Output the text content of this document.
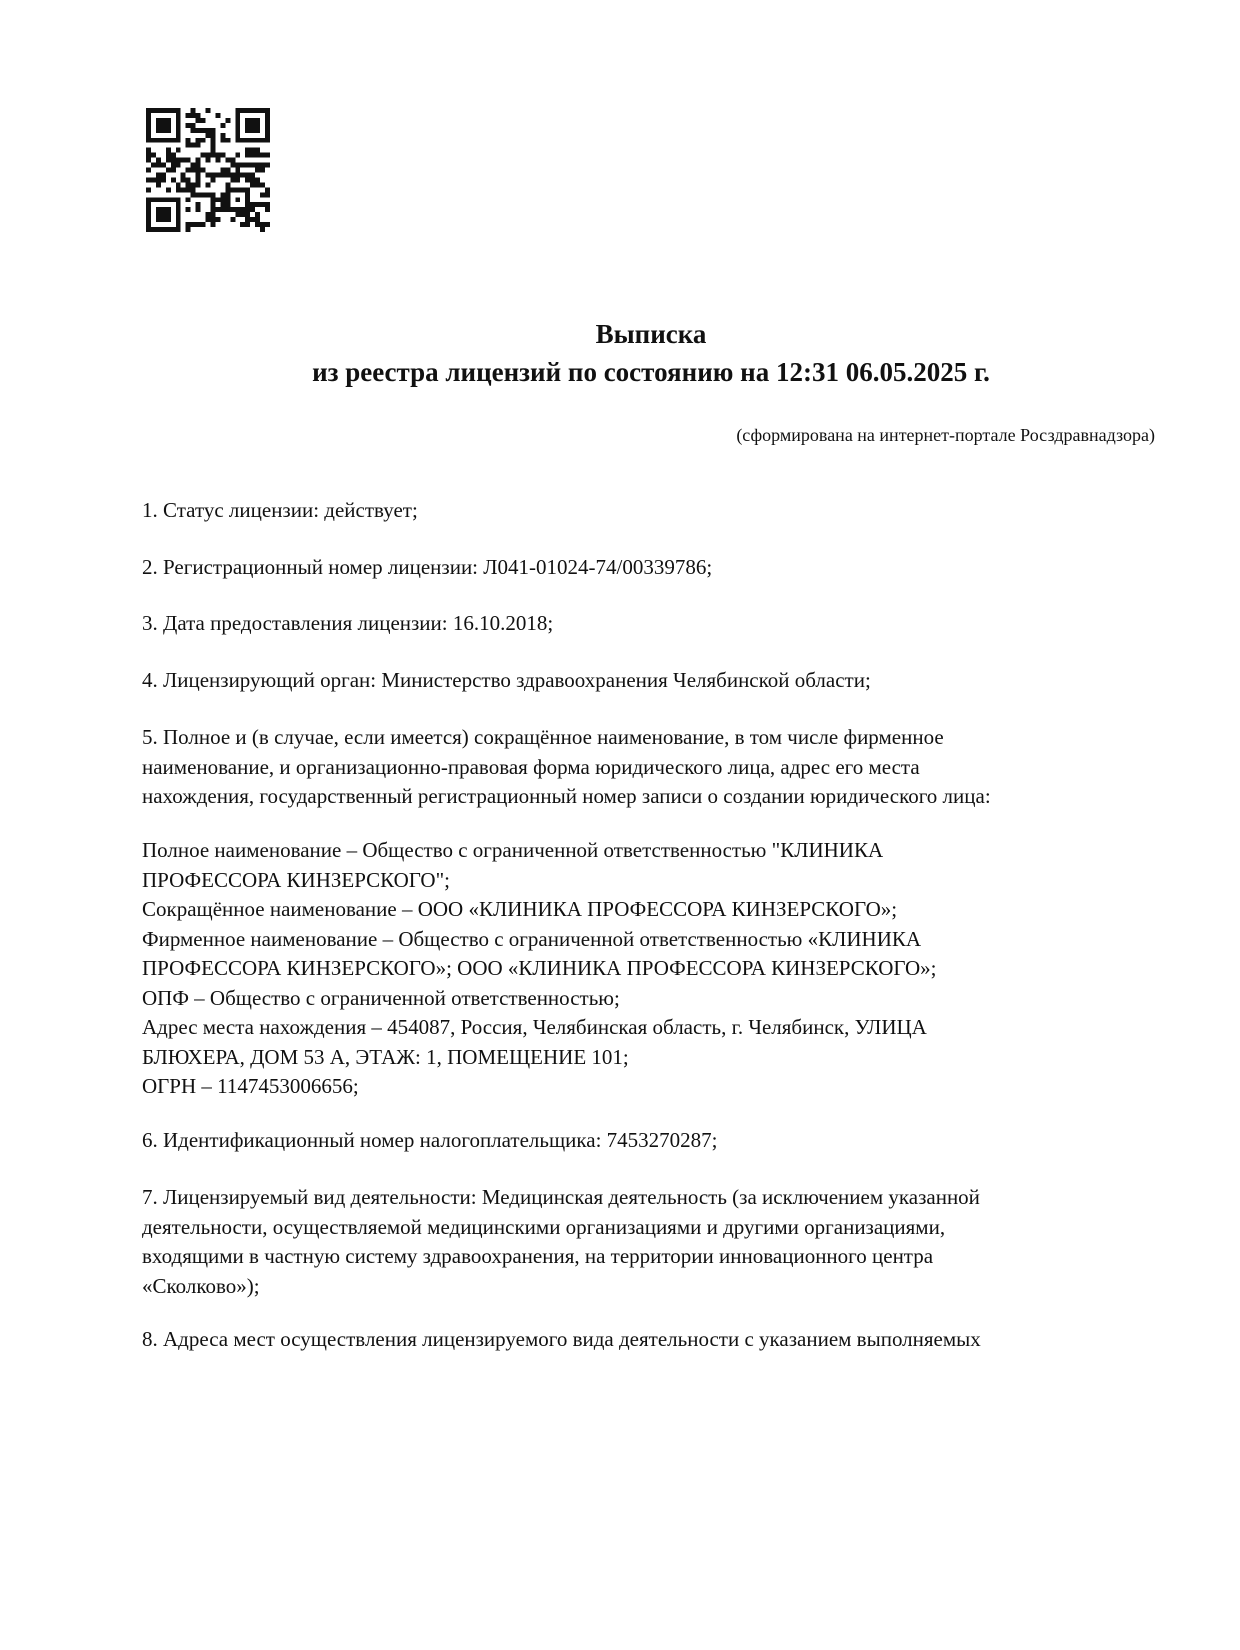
Выписка
из реестра лицензий по состоянию на 12:31 06.05.2025 г.
(сформирована на интернет-портале Росздравнадзора)

1. Статус лицензии: действует;

2. Регистрационный номер лицензии: Л041-01024-74/00339786;

3. Дата предоставления лицензии: 16.10.2018;

4. Лицензирующий орган: Министерство здравоохранения Челябинской области;

5. Полное и (в случае, если имеется) сокращённое наименование, в том числе фирменное
наименование, и организационно-правовая форма юридического лица, адрес его места
нахождения, государственный регистрационный номер записи о создании юридического лица:
Полное наименование – Общество с ограниченной ответственностью "КЛИНИКА
ПРОФЕССОРА КИНЗЕРСКОГО";
Сокращённое наименование – ООО «КЛИНИКА ПРОФЕССОРА КИНЗЕРСКОГО»;
Фирменное наименование – Общество с ограниченной ответственностью «КЛИНИКА
ПРОФЕССОРА КИНЗЕРСКОГО»; ООО «КЛИНИКА ПРОФЕССОРА КИНЗЕРСКОГО»;
ОПФ – Общество с ограниченной ответственностью;
Адрес места нахождения – 454087, Россия, Челябинская область, г. Челябинск, УЛИЦА
БЛЮХЕРА, ДОМ 53 А, ЭТАЖ: 1, ПОМЕЩЕНИЕ 101;
ОГРН – 1147453006656;

6. Идентификационный номер налогоплательщика: 7453270287;

7. Лицензируемый вид деятельности: Медицинская деятельность (за исключением указанной
деятельности, осуществляемой медицинскими организациями и другими организациями,
входящими в частную систему здравоохранения, на территории инновационного центра
«Сколково»);

8. Адреса мест осуществления лицензируемого вида деятельности с указанием выполняемых
